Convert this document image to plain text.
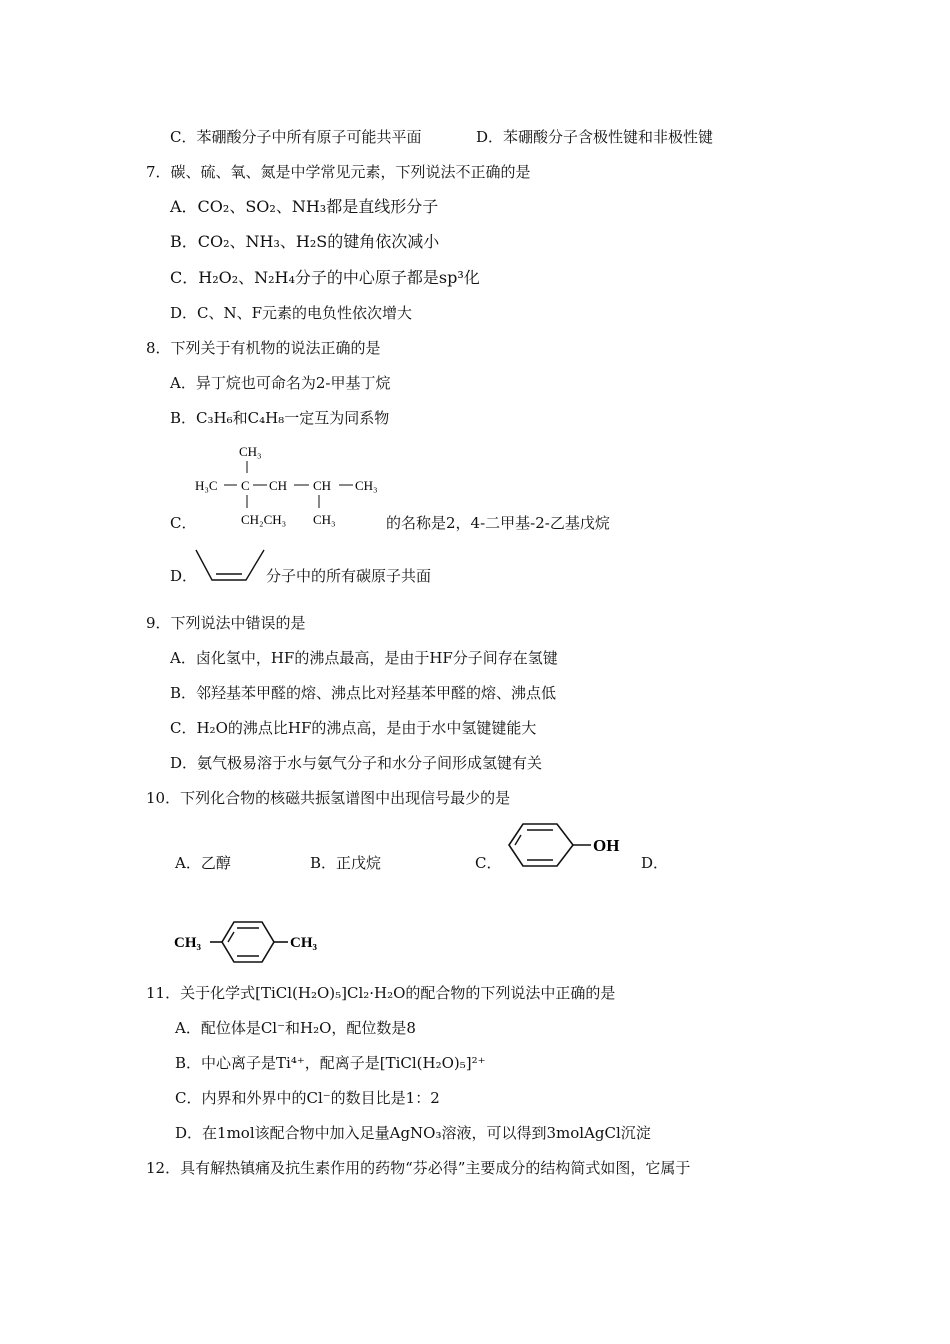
C．苯硼酸分子中所有原子可能共平面	D．苯硼酸分子含极性键和非极性键
7．碳、硫、氧、氮是中学常见元素，下列说法不正确的是
A．CO₂、SO₂、NH₃都是直线形分子
B．CO₂、NH₃、H₂S的键角依次减小
C．H₂O₂、N₂H₄分子的中心原子都是sp³化
D．C、N、F元素的电负性依次增大
8．下列关于有机物的说法正确的是
A．异丁烷也可命名为2-甲基丁烷
B．C₃H₆和C₄H₈一定互为同系物
C．
CH₃
H₃C C CH CH CH₃
CH₂CH₃ CH₃	的名称是2，4-二甲基-2-乙基戊烷
D．	分子中的所有碳原子共面
9．下列说法中错误的是
A．卤化氢中，HF的沸点最高，是由于HF分子间存在氢键
B．邻羟基苯甲醛的熔、沸点比对羟基苯甲醛的熔、沸点低
C．H₂O的沸点比HF的沸点高，是由于水中氢键键能大
D．氨气极易溶于水与氨气分子和水分子间形成氢键有关
10．下列化合物的核磁共振氢谱图中出现信号最少的是
A．乙醇	B．正戊烷	C．
OH
D．
CH₃	CH₃
11．关于化学式[TiCl(H₂O)₅]Cl₂·H₂O的配合物的下列说法中正确的是
A．配位体是Cl⁻和H₂O，配位数是8
B．中心离子是Ti⁴⁺，配离子是[TiCl(H₂O)₅]²⁺
C．内界和外界中的Cl⁻的数目比是1：2
D．在1mol该配合物中加入足量AgNO₃溶液，可以得到3molAgCl沉淀
12．具有解热镇痛及抗生素作用的药物“芬必得”主要成分的结构简式如图，它属于
